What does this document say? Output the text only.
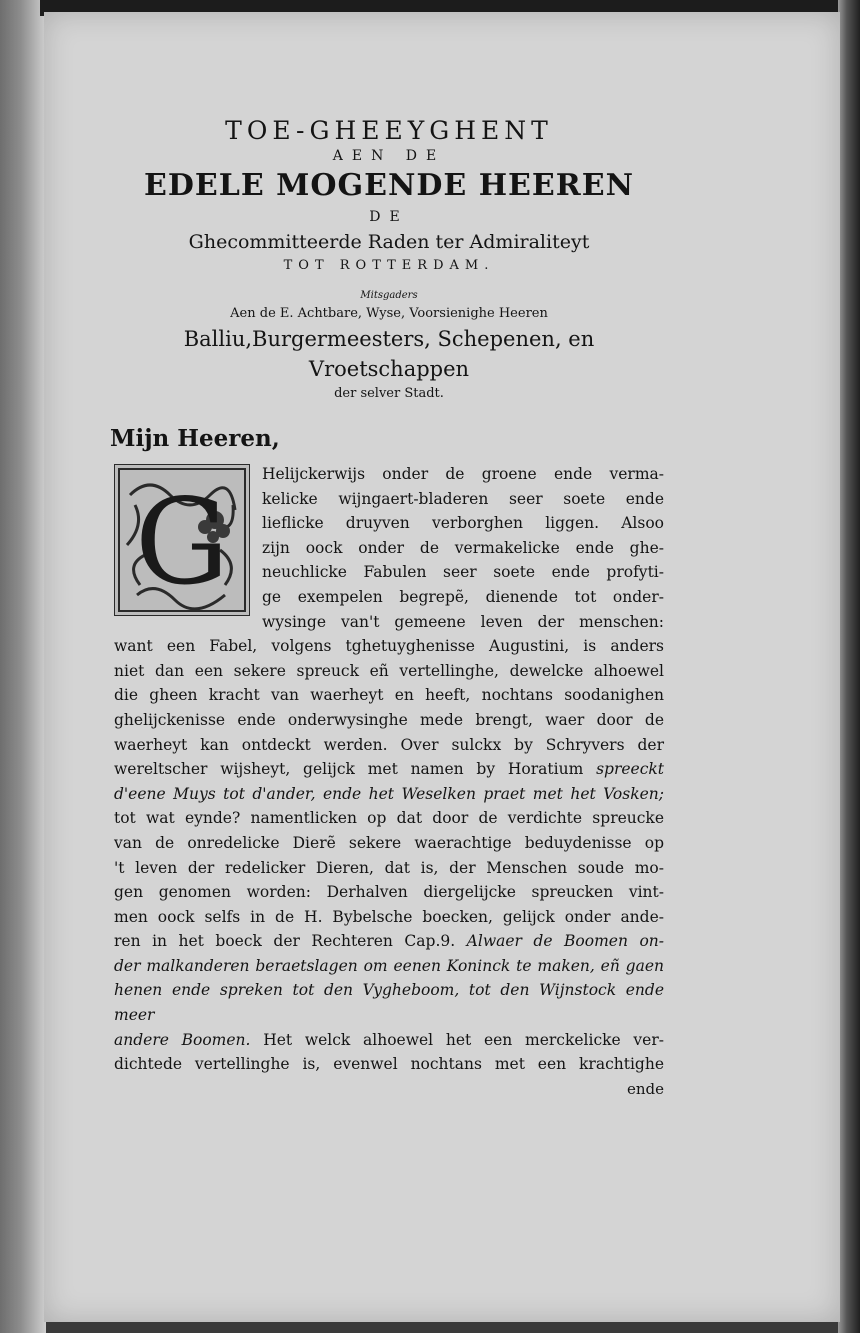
TOE-GHEEYGHENT
AEN DE
EDELE MOGENDE HEEREN
DE
Ghecommitteerde Raden ter Admiraliteyt
TOT ROTTERDAM.
Mitsgaders
Aen de E. Achtbare, Wyse, Voorsienighe Heeren
Balliu,Burgermeesters, Schepenen, en Vroetschappen
der selver Stadt.
Mijn Heeren,
G	Helijckerwijs onder de groene ende verma-
kelicke wijngaert-bladeren seer soete ende
lieflicke druyven verborghen liggen. Alsoo
zijn oock onder de vermakelicke ende ghe-
neuchlicke Fabulen seer soete ende profyti-
ge exempelen begrepẽ, dienende tot onder-
wysinge van't gemeene leven der menschen:
want een Fabel, volgens tghetuyghenisse Augustini, is anders
niet dan een sekere spreuck eñ vertellinghe, dewelcke alhoewel
die gheen kracht van waerheyt en heeft, nochtans soodanighen
ghelijckenisse ende onderwysinghe mede brengt, waer door de
waerheyt kan ontdeckt werden. Over sulckx by Schryvers der
wereltscher wijsheyt, gelijck met namen by Horatium spreeckt
d'eene Muys tot d'ander, ende het Weselken praet met het Vosken;
tot wat eynde? namentlicken op dat door de verdichte spreucke
van de onredelicke Dierẽ sekere waerachtige beduydenisse op
't leven der redelicker Dieren, dat is, der Menschen soude mo-
gen genomen worden: Derhalven diergelijcke spreucken vint-
men oock selfs in de H. Bybelsche boecken, gelijck onder ande-
ren in het boeck der Rechteren Cap.9. Alwaer de Boomen on-
der malkanderen beraetslagen om eenen Koninck te maken, eñ gaen
henen ende spreken tot den Vygheboom, tot den Wijnstock ende meer
andere Boomen. Het welck alhoewel het een merckelicke ver-
dichtede vertellinghe is, evenwel nochtans met een krachtighe
ende
